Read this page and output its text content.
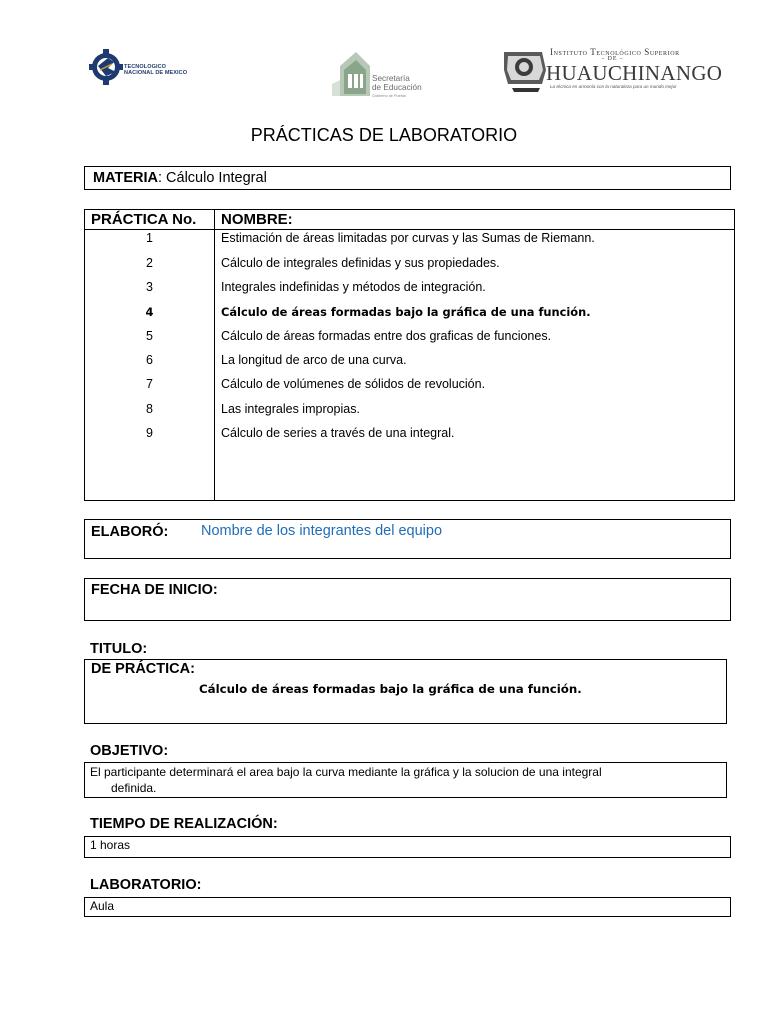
TECNOLOGICO
NACIONAL DE MEXICO
Secretaría
de Educación
Gobierno de Puebla
Instituto Tecnológico Superior
- DE -
HUAUCHINANGO
La técnica en armonía con la naturaleza para un mundo mejor
PRÁCTICAS DE LABORATORIO
MATERIA: Cálculo Integral
PRÁCTICA No. NOMBRE:
1	Estimación de áreas limitadas por curvas y las Sumas de Riemann.
2	Cálculo de integrales definidas y sus propiedades.
3	Integrales indefinidas y métodos de integración.
4	Cálculo de áreas formadas bajo la gráfica de una función.
5	Cálculo de áreas formadas entre dos graficas de funciones.
6	La longitud de arco de una curva.
7	Cálculo de volúmenes de sólidos de revolución.
8	Las integrales impropias.
9	Cálculo de series a través de una integral.
ELABORÓ: Nombre de los integrantes del equipo
FECHA DE INICIO:
TITULO:
DE PRÁCTICA:
Cálculo de áreas formadas bajo la gráfica de una función.
OBJETIVO:
El participante determinará el area bajo la curva mediante la gráfica y la solucion de una integral
definida.
TIEMPO DE REALIZACIÓN:
1 horas
LABORATORIO:
Aula
